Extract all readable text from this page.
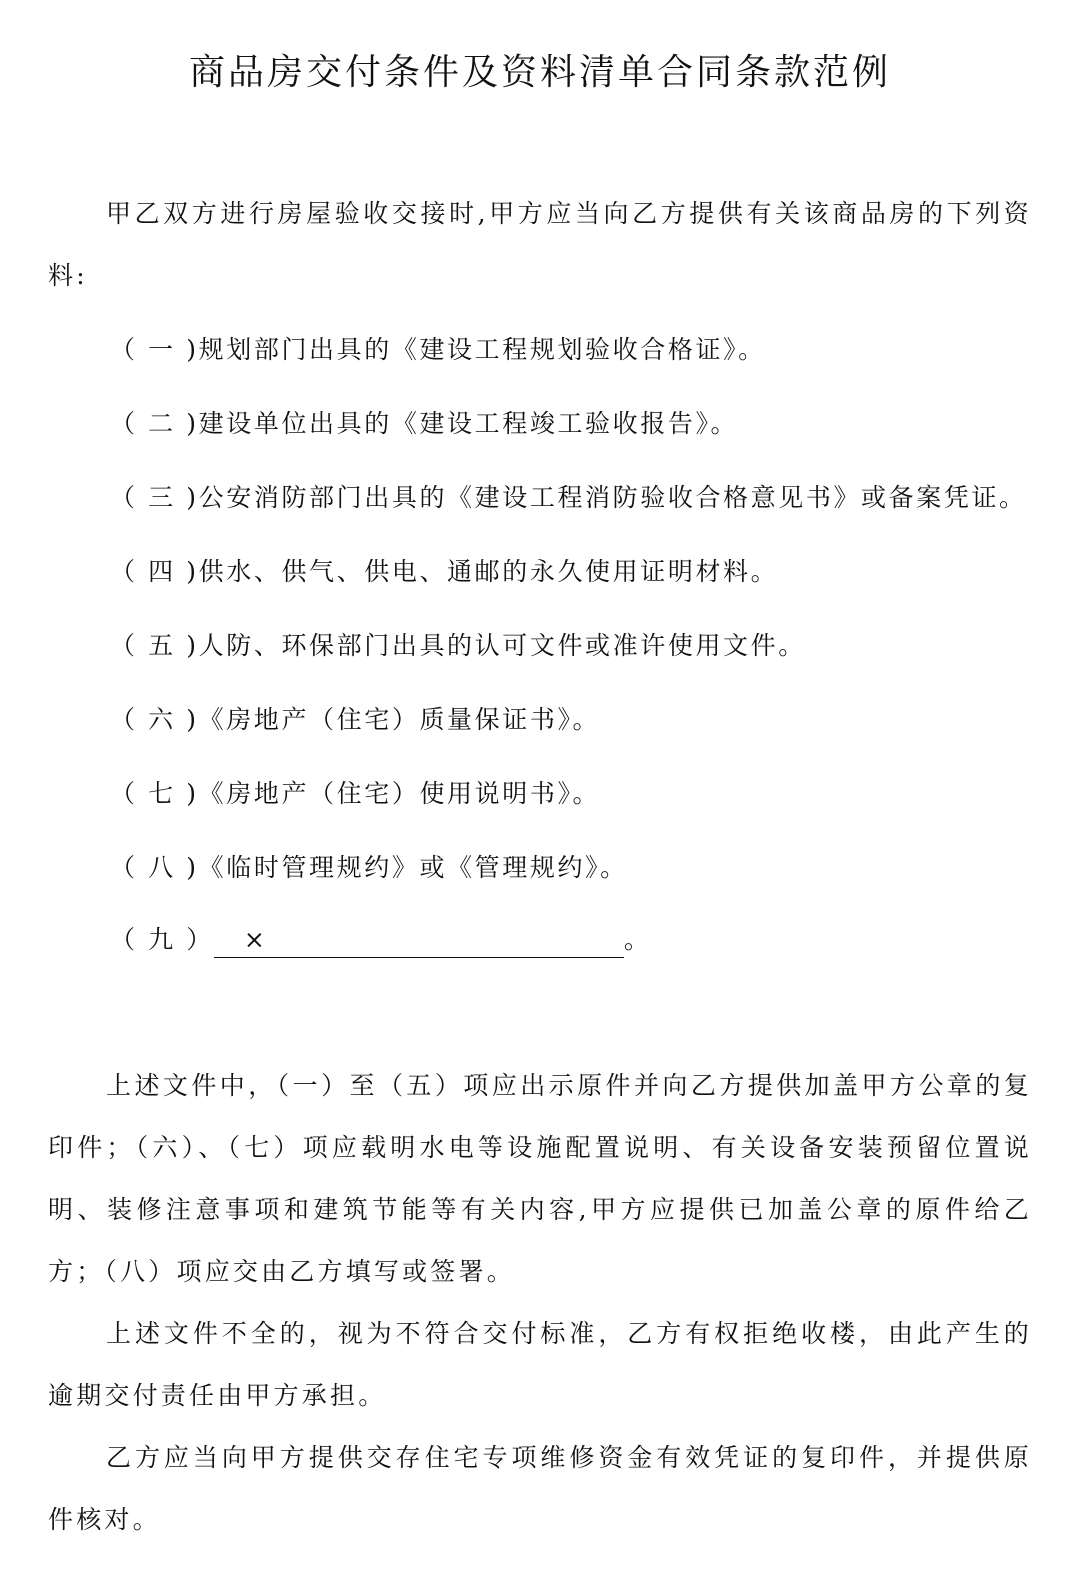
商品房交付条件及资料清单合同条款范例
甲乙双方进行房屋验收交接时,甲方应当向乙方提供有关该商品房的下列资料:
（ 一 )规划部门出具的《建设工程规划验收合格证》。
（ 二 )建设单位出具的《建设工程竣工验收报告》。
（ 三 )公安消防部门出具的《建设工程消防验收合格意见书》或备案凭证。
（ 四 )供水、供气、供电、通邮的永久使用证明材料。
（ 五 )人防、环保部门出具的认可文件或准许使用文件。
（ 六 )《房地产（住宅）质量保证书》。
（ 七 )《房地产（住宅）使用说明书》。
（ 八 )《临时管理规约》或《管理规约》。
（ 九 ） ×	。
上述文件中，（一）至（五）项应出示原件并向乙方提供加盖甲方公章的复印件；（六）、（七）项应载明水电等设施配置说明、有关设备安装预留位置说明、装修注意事项和建筑节能等有关内容,甲方应提供已加盖公章的原件给乙方；（八）项应交由乙方填写或签署。
上述文件不全的，视为不符合交付标准，乙方有权拒绝收楼，由此产生的逾期交付责任由甲方承担。
乙方应当向甲方提供交存住宅专项维修资金有效凭证的复印件，并提供原件核对。
